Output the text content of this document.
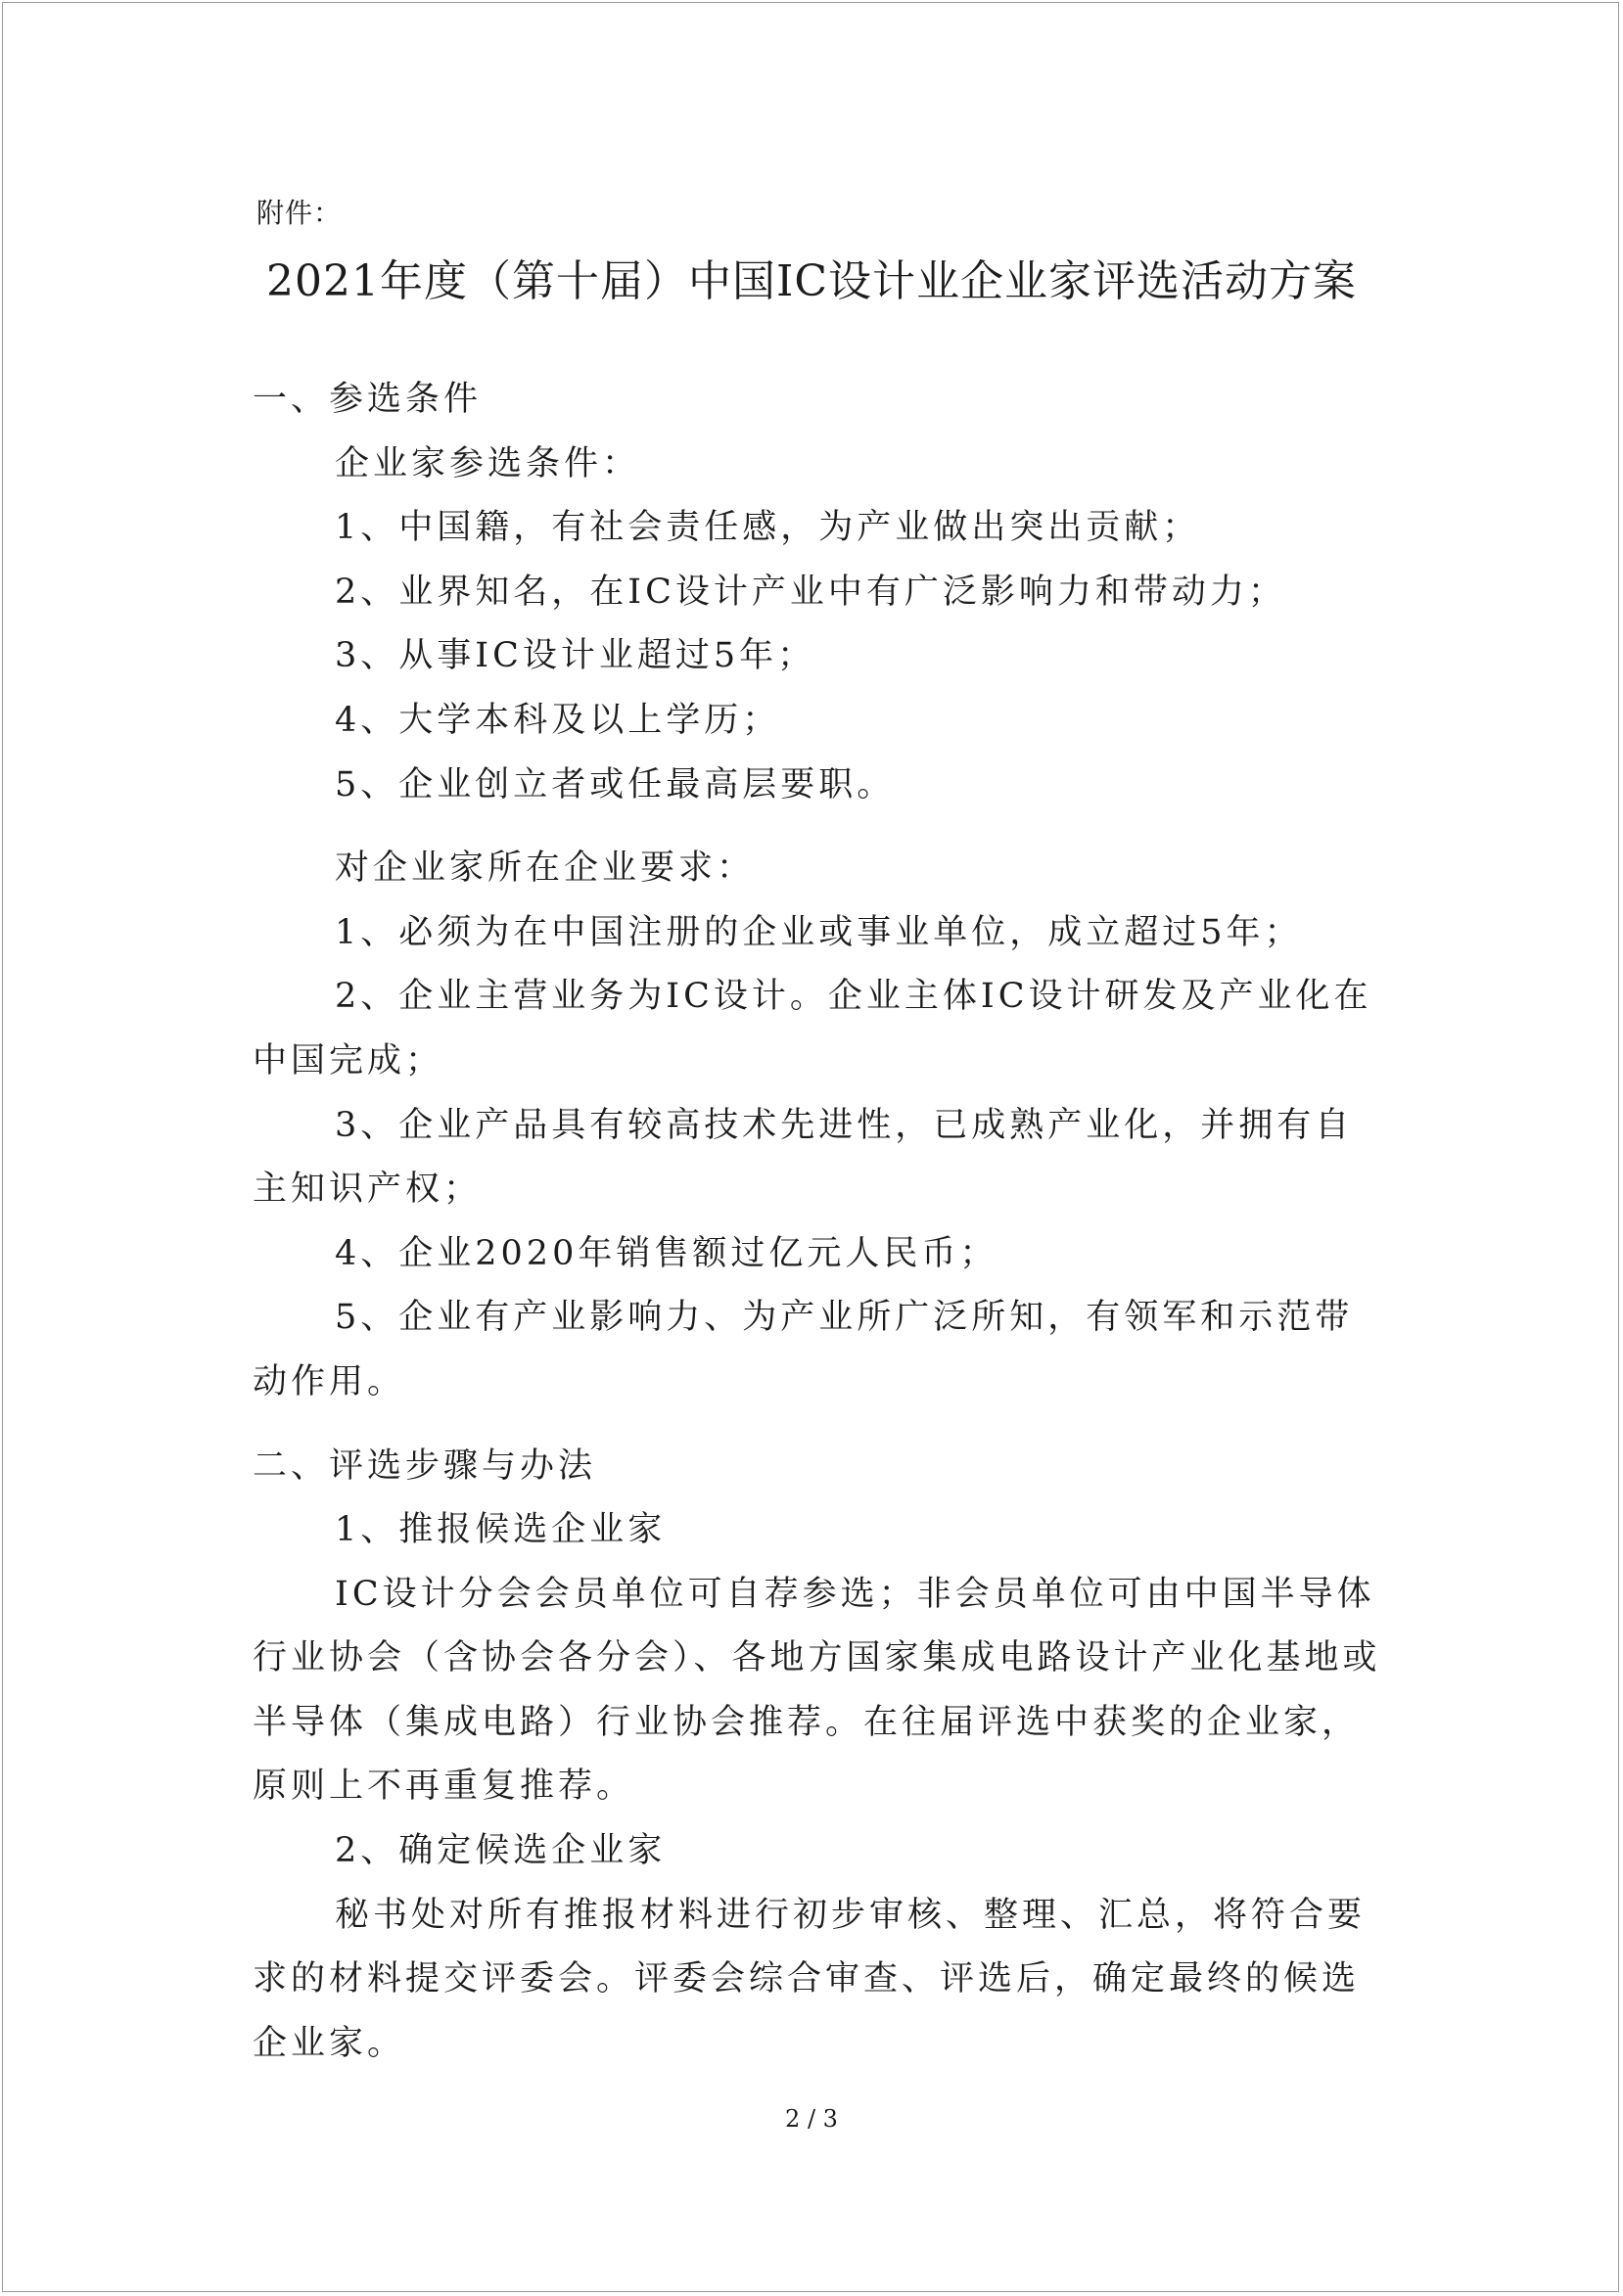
附件：
2021年度（第十届）中国IC设计业企业家评选活动方案

一、参选条件

企业家参选条件：

1、中国籍，有社会责任感，为产业做出突出贡献；

2、业界知名，在IC设计产业中有广泛影响力和带动力；

3、从事IC设计业超过5年；

4、大学本科及以上学历；

5、企业创立者或任最高层要职。

对企业家所在企业要求：

1、必须为在中国注册的企业或事业单位，成立超过5年；

2、企业主营业务为IC设计。企业主体IC设计研发及产业化在中国完成；

3、企业产品具有较高技术先进性，已成熟产业化，并拥有自主知识产权；

4、企业2020年销售额过亿元人民币；

5、企业有产业影响力、为产业所广泛所知，有领军和示范带动作用。

二、评选步骤与办法

1、推报候选企业家

IC设计分会会员单位可自荐参选；非会员单位可由中国半导体行业协会（含协会各分会）、各地方国家集成电路设计产业化基地或半导体（集成电路）行业协会推荐。在往届评选中获奖的企业家，原则上不再重复推荐。

2、确定候选企业家

秘书处对所有推报材料进行初步审核、整理、汇总，将符合要求的材料提交评委会。评委会综合审查、评选后，确定最终的候选企业家。

2 / 3
